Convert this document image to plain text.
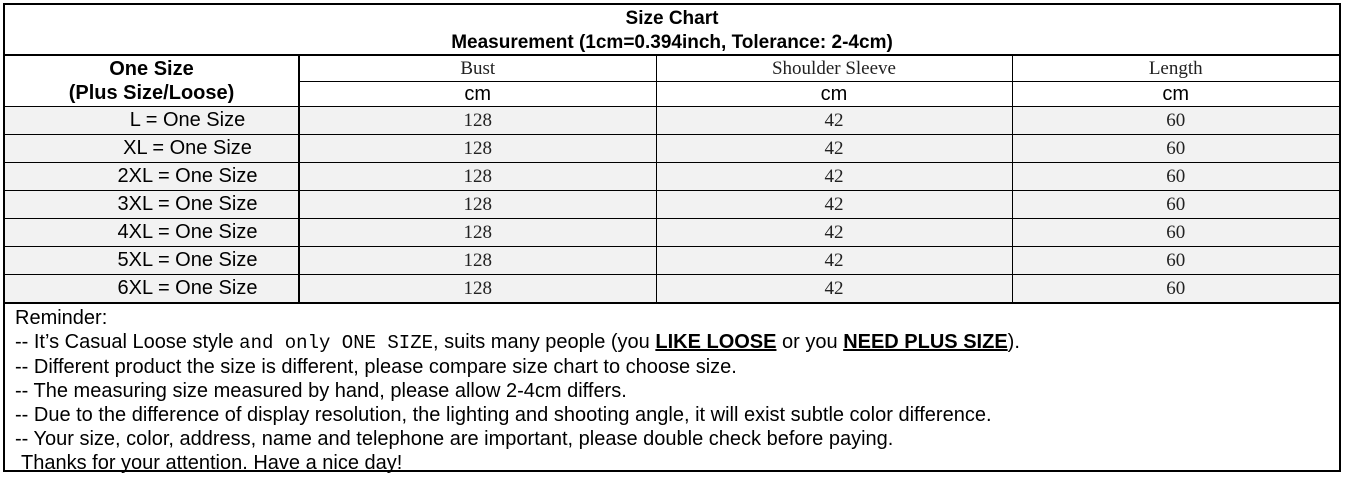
Size Chart
Measurement (1cm=0.394inch, Tolerance: 2-4cm)
One Size
(Plus Size/Loose)	Bust	Shoulder Sleeve	Length
	cm	cm	cm
L = One Size	128	42	60
XL = One Size	128	42	60
2XL = One Size	128	42	60
3XL = One Size	128	42	60
4XL = One Size	128	42	60
5XL = One Size	128	42	60
6XL = One Size	128	42	60
Reminder:
-- It’s Casual Loose style and only ONE SIZE, suits many people (you LIKE LOOSE or you NEED PLUS SIZE).
-- Different product the size is different, please compare size chart to choose size.
-- The measuring size measured by hand, please allow 2-4cm differs.
-- Due to the difference of display resolution, the lighting and shooting angle, it will exist subtle color difference.
-- Your size, color, address, name and telephone are important, please double check before paying.
Thanks for your attention. Have a nice day!
